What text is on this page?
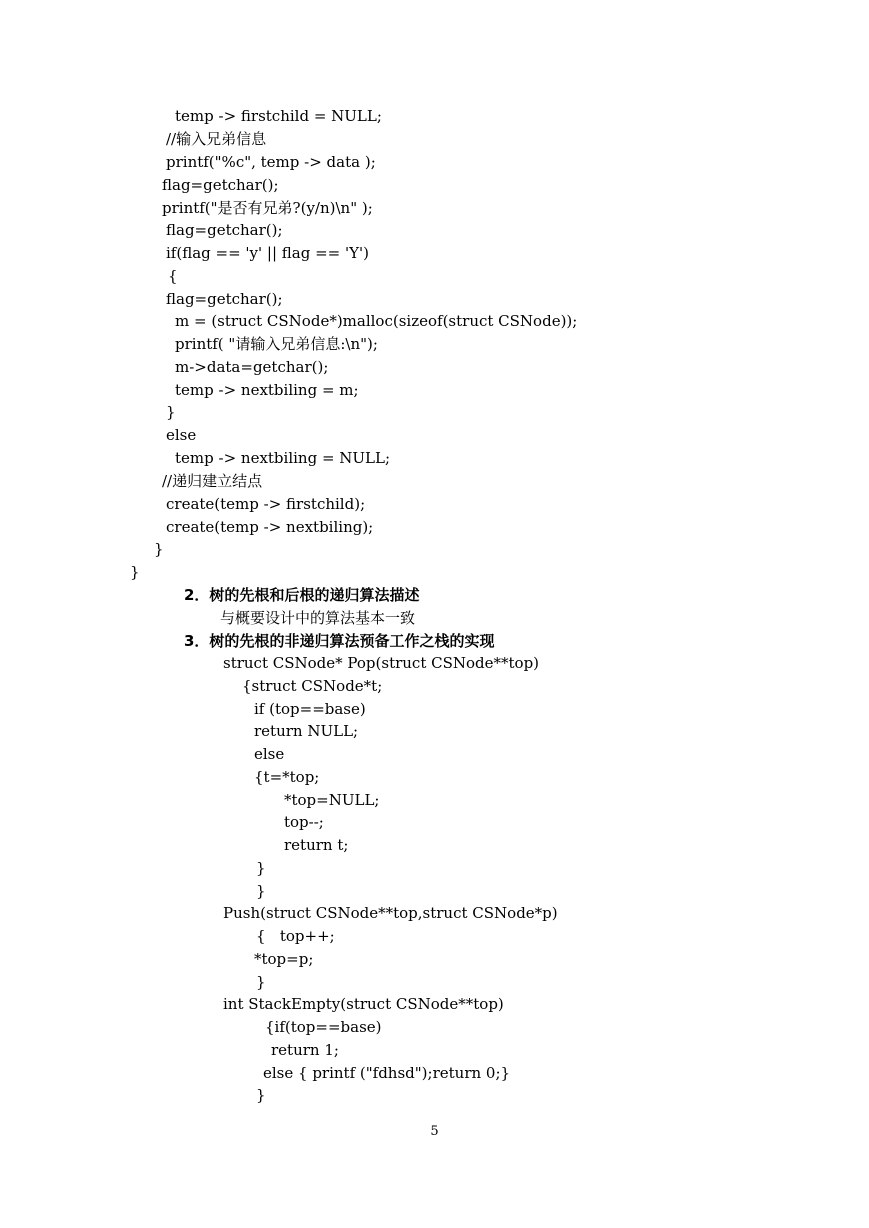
temp -> firstchild = NULL;
//输入兄弟信息
printf("%c", temp -> data );
flag=getchar();
printf("是否有兄弟?(y/n)\n" );
flag=getchar();
if(flag == 'y' || flag == 'Y')
{
flag=getchar();
m = (struct CSNode*)malloc(sizeof(struct CSNode));
printf( "请输入兄弟信息:\n");
m->data=getchar();
temp -> nextbiling = m;
}
else
temp -> nextbiling = NULL;
//递归建立结点
create(temp -> firstchild);
create(temp -> nextbiling);
}
}
2．树的先根和后根的递归算法描述
与概要设计中的算法基本一致
3．树的先根的非递归算法预备工作之栈的实现
struct CSNode* Pop(struct CSNode**top)
{struct CSNode*t;
if (top==base)
return NULL;
else
{t=*top;
*top=NULL;
top--;
return t;
}
}
Push(struct CSNode**top,struct CSNode*p)
{   top++;
*top=p;
}
int StackEmpty(struct CSNode**top)
{if(top==base)
return 1;
else { printf ("fdhsd");return 0;}
}
5
